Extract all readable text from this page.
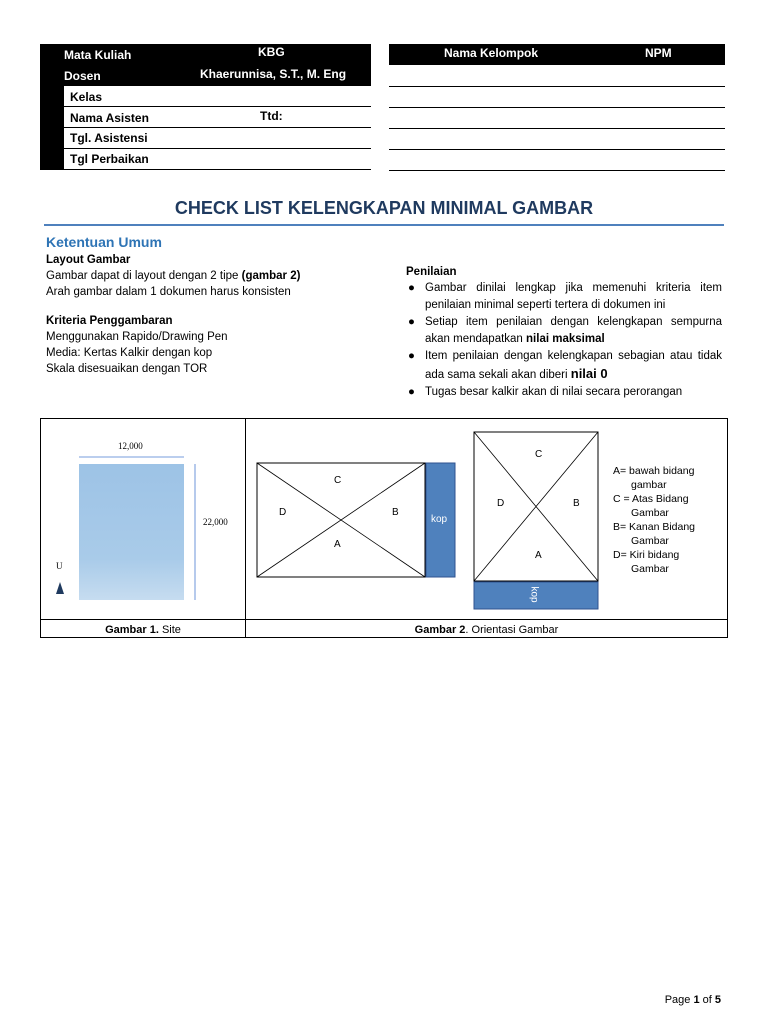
Mata Kuliah	KBG
Dosen	Khaerunnisa, S.T., M. Eng
Kelas
Nama Asisten	Ttd:
Tgl. Asistensi
Tgl Perbaikan
Nama Kelompok	NPM
CHECK LIST KELENGKAPAN MINIMAL GAMBAR
Ketentuan Umum
Layout Gambar
Gambar dapat di layout dengan 2 tipe (gambar 2)
Arah gambar dalam 1 dokumen harus konsisten
Kriteria Penggambaran
Menggunakan Rapido/Drawing Pen
Media: Kertas Kalkir dengan kop
Skala disesuaikan dengan TOR
Penilaian
● Gambar dinilai lengkap jika memenuhi kriteria item penilaian minimal seperti tertera di dokumen ini
● Setiap item penilaian dengan kelengkapan sempurna akan mendapatkan nilai maksimal
● Item penilaian dengan kelengkapan sebagian atau tidak ada sama sekali akan diberi nilai 0
● Tugas besar kalkir akan di nilai secara perorangan
12,000
22,000
U
C
D	B
A
kop
C
D	B
A
kop
A= bawah bidang
gambar
C = Atas Bidang
Gambar
B= Kanan Bidang
Gambar
D= Kiri bidang
Gambar
Gambar 1. Site	Gambar 2. Orientasi Gambar
Page 1 of 5
